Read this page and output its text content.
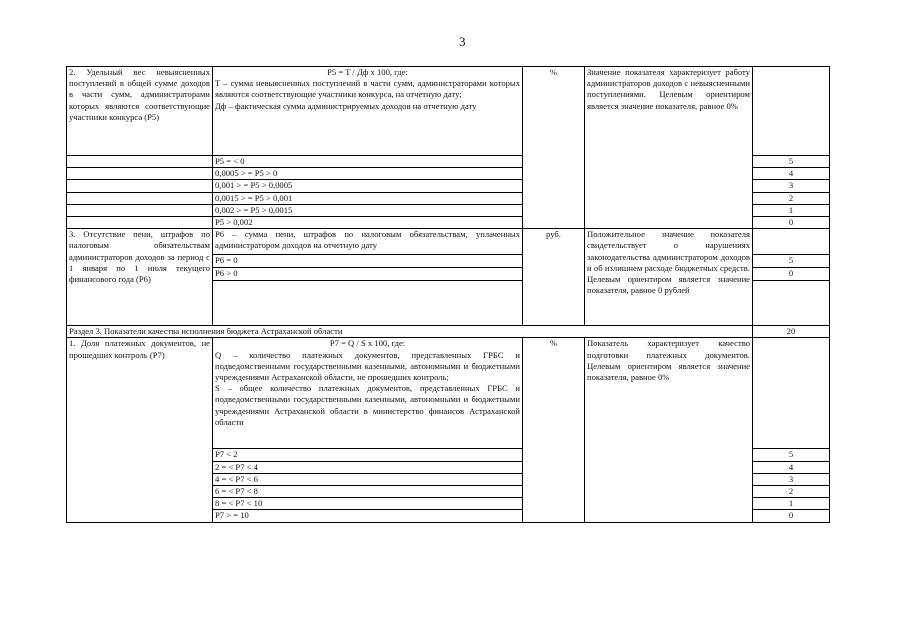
3
2. Удельный вес невыясненных поступлений в общей сумме доходов в части сумм, администраторами которых являются соответствующие участники конкурса (P5)	P5 = T / Дф х 100, где:
T – сумма невыясненных поступлений в части сумм, администраторами которых являются соответствующие участники конкурса, на отчетную дату;
Дф – фактическая сумма администрируемых доходов на отчетную дату	%	Значение показателя характеризует работу администраторов доходов с невыясненными поступлениями. Целевым ориентиром является значение показателя, равное 0%	
	P5 = < 0			5
	0,0005 > = P5 > 0			4
	0,001 > = P5 > 0,0005			3
	0,0015 > = P5 > 0,001			2
	0,002 > = P5 > 0,0015			1
	P5 > 0,002			0
3. Отсутствие пени, штрафов по налоговым обязательствам администраторов доходов за период с 1 января по 1 июля текущего финансового года (P6)	P6 – сумма пени, штрафов по налоговым обязательствам, уплаченных администратором доходов на отчетную дату	руб.	Положительное значение показателя свидетельствует о нарушениях законодательства администратором доходов и об излишнем расходе бюджетных средств. Целевым ориентиром является значение показателя, равное 0 рублей	
	P6 = 0			5
	P6 > 0			0

Раздел 3. Показатели качества исполнения бюджета Астраханской области				20
1. Доля платежных документов, не прошедших контроль (P7)	P7 = Q / S х 100, где:
Q – количество платежных документов, представленных ГРБС и подведомственными государственными казенными, автономными и бюджетными учреждениями Астраханской области, не прошедших контроль;
S – общее количество платежных документов, представленных ГРБС и подведомственными государственными казенными, автономными и бюджетными учреждениями Астраханской области в министерство финансов Астраханской области	%	Показатель характеризует качество подготовки платежных документов. Целевым ориентиром является значение показателя, равное 0%	
	P7 < 2			5
	2 = < P7 < 4			4
	4 = < P7 < 6			3
	6 = < P7 < 8			2
	8 = < P7 < 10			1
	P7 > = 10			0
